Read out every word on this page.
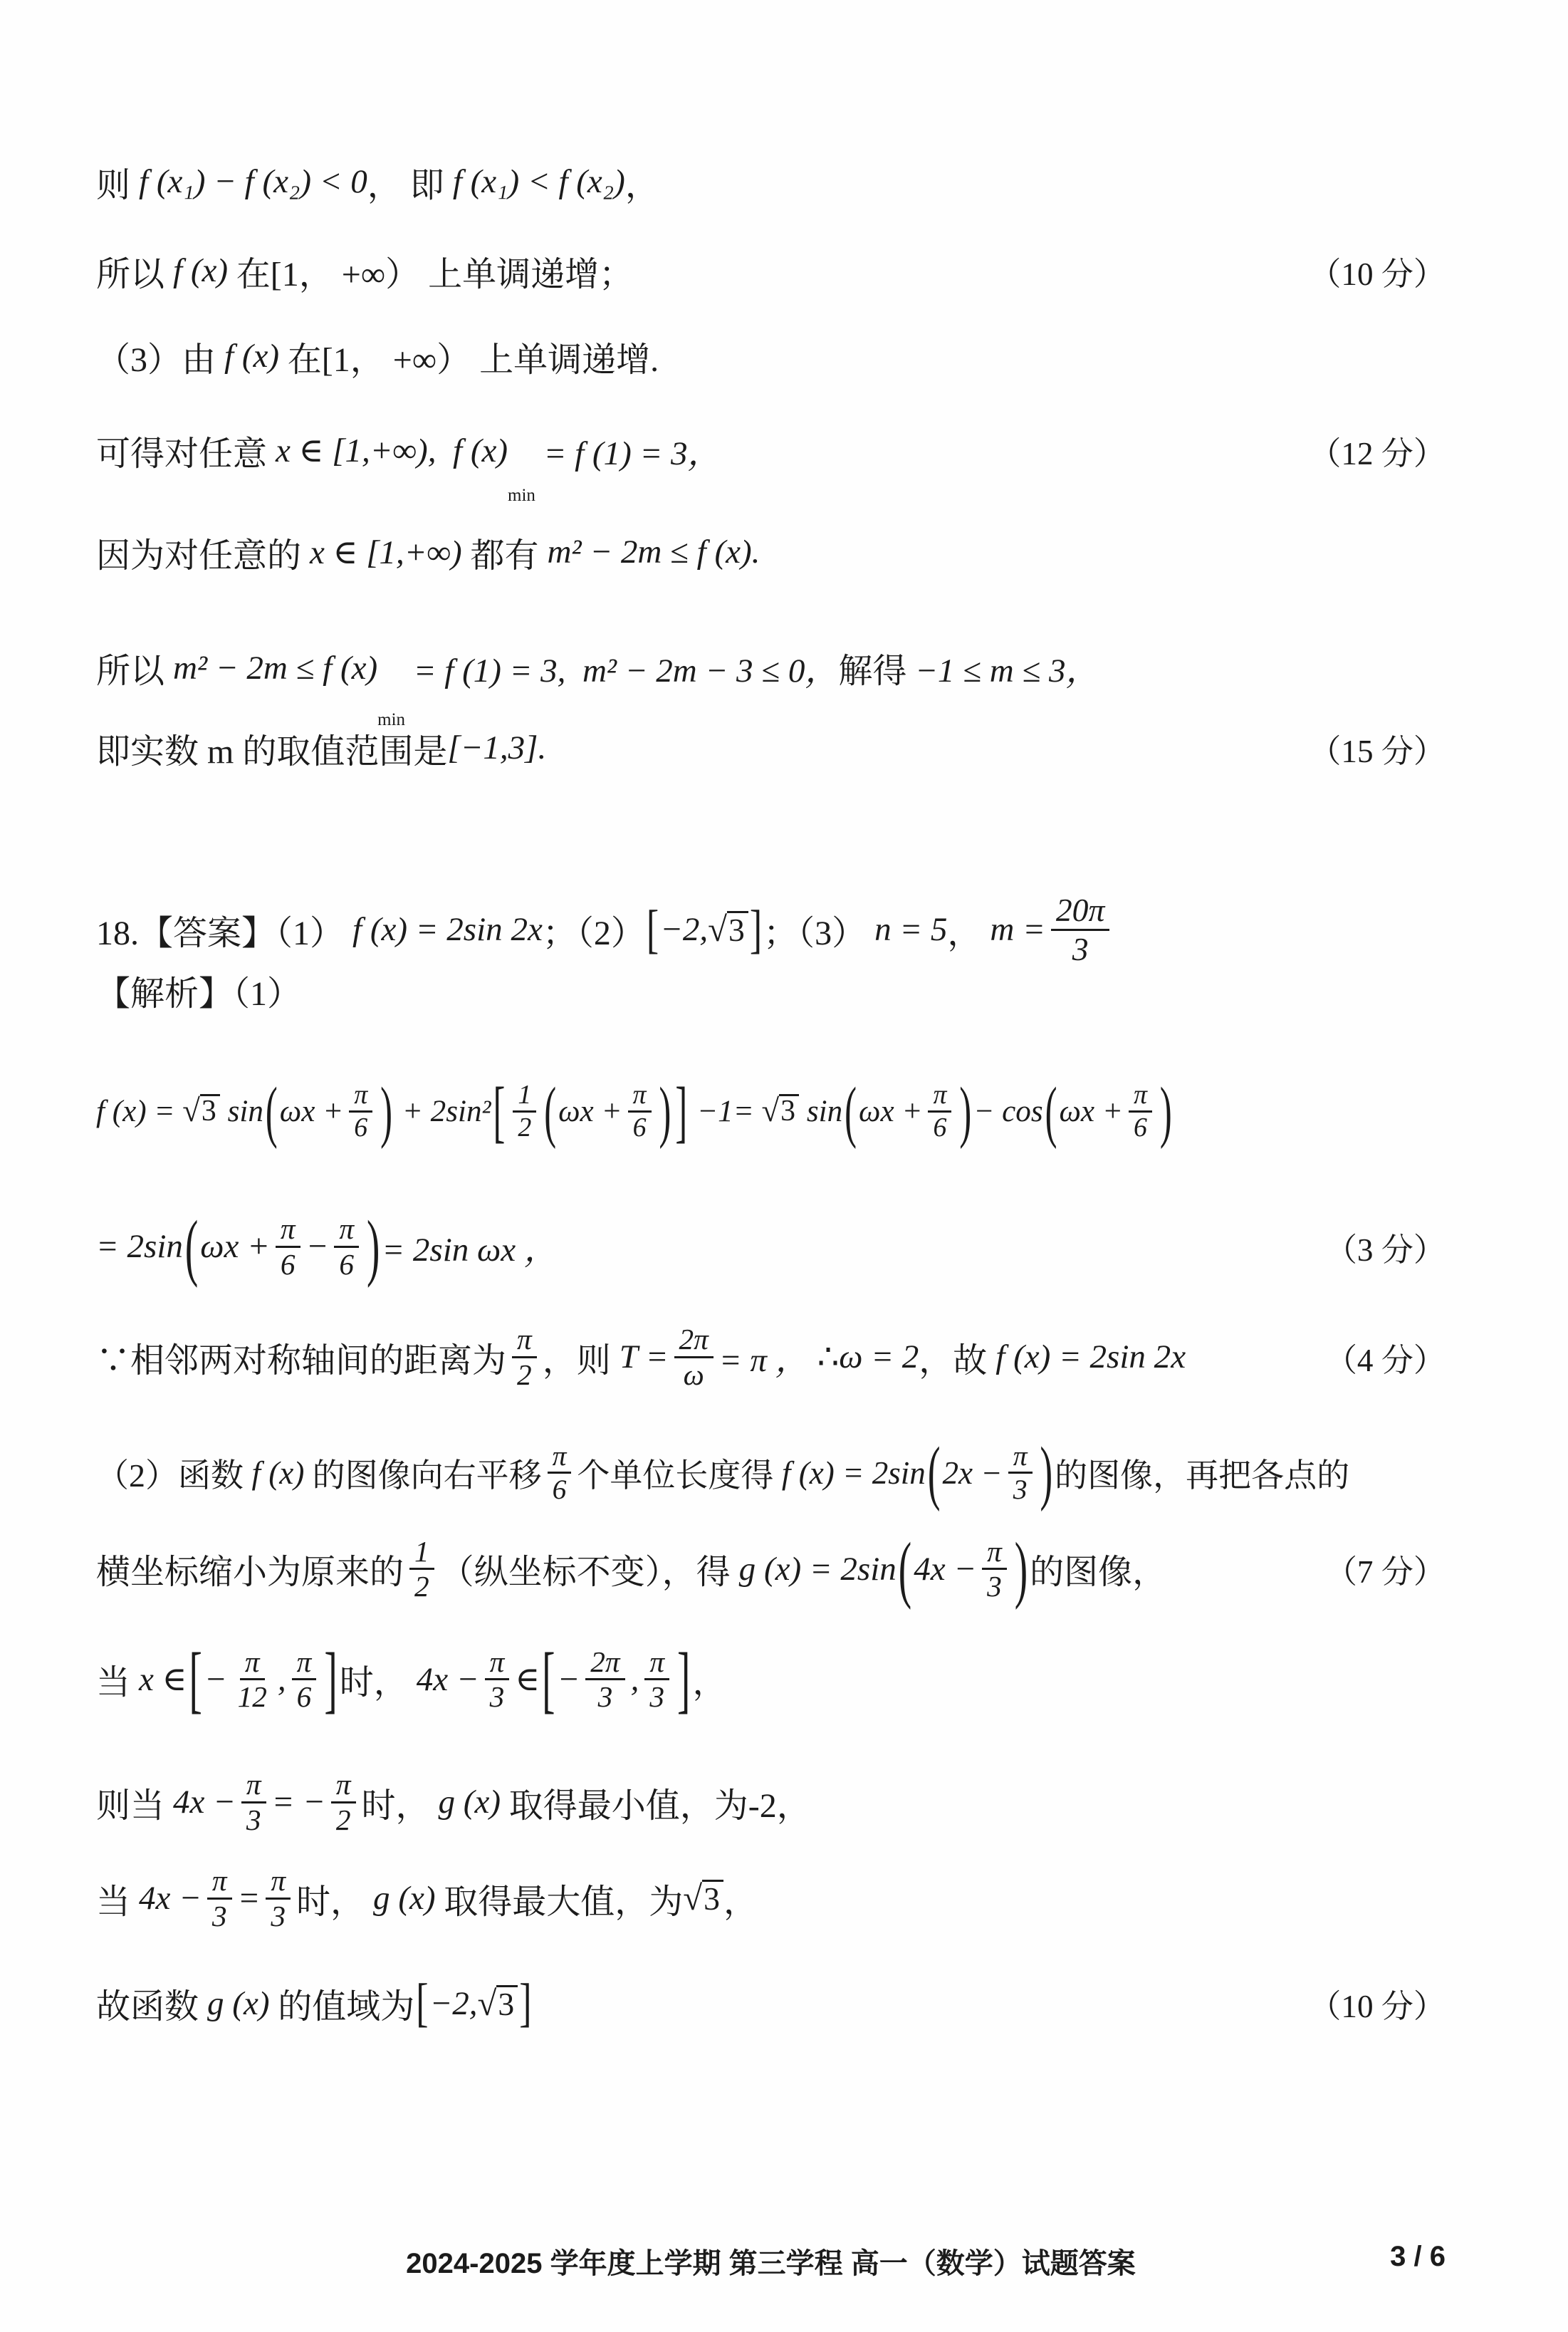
则 f (x₁) − f (x₂) < 0 ， 即 f (x₁) < f (x₂) ，
所以 f (x) 在[1， +∞） 上单调递增；	（10 分）
（3）由 f (x) 在[1， +∞） 上单调递增.
可得对任意 x ∈ [1,+∞),  f (x)
min
= f (1) = 3，	（12 分）
因为对任意的 x ∈ [1,+∞) 都有 m² − 2m ≤ f (x).
所以 m² − 2m ≤ f (x)
min
= f (1) = 3,  m² − 2m − 3 ≤ 0， 解得 −1 ≤ m ≤ 3，
即实数 m 的取值范围是 [−1,3].	（15 分）
18.【答案】（1） f (x) = 2sin 2x ；（2） [ −2, √ 3 ] ；（3） n = 5 ， $m = \frac{20\pi}{3}$
【解析】（1）
f (x) = √ 3 sin ( $\omega x + \frac{\pi}{6}$ ) + 2sin² [ $\frac{1}{2}$ ( $\omega x + \frac{\pi}{6}$ ) ] −1= √ 3 sin ( $\omega x + \frac{\pi}{6}$ ) − cos ( $\omega x + \frac{\pi}{6}$ )
= 2sin ( $\omega x + \frac{\pi}{6} - \frac{\pi}{6}$ ) = 2sin ωx ，	（3 分）
∵相邻两对称轴间的距离为 $\frac{\pi}{2}$ ，则 $T = \frac{2\pi}{\omega} = \pi$ ， ∴ ω = 2 ，故 f (x) = 2sin 2x	（4 分）
（2）函数 f (x) 的图像向右平移 $\frac{\pi}{6}$ 个单位长度得 f (x) = 2sin ( $2x - \frac{\pi}{3}$ ) 的图像，再把各点的
横坐标缩小为原来的 $\frac{1}{2}$ （纵坐标不变），得 g (x) = 2sin ( $4x - \frac{\pi}{3}$ ) 的图像，	（7 分）
当 x ∈ [ − $\frac{\pi}{12}$ , $\frac{\pi}{6}$ ] 时， $4x - \frac{\pi}{3}$ ∈ [ − $\frac{2\pi}{3}$ , $\frac{\pi}{3}$ ] ，
则当 $4x - \frac{\pi}{3}$ = − $\frac{\pi}{2}$ 时， g (x) 取得最小值，为-2，
当 $4x - \frac{\pi}{3} = \frac{\pi}{3}$ 时， g (x) 取得最大值，为 √ 3 ，
故函数 g (x) 的值域为 [ −2, √ 3 ]	（10 分）
2024-2025 学年度上学期 第三学程 高一（数学）试题答案	3 / 6
